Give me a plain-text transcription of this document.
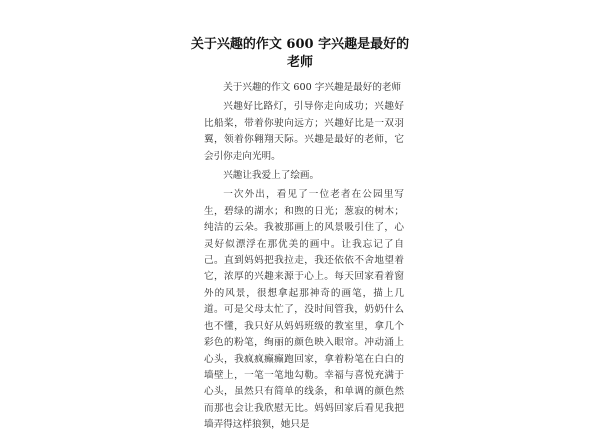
关于兴趣的作文 600 字兴趣是最好的
老师

关于兴趣的作文 600 字兴趣是最好的老师

兴趣好比路灯，引导你走向成功；兴趣好比船桨，带着你驶向远方；兴趣好比是一双羽翼，领着你翱翔天际。兴趣是最好的老师，它会引你走向光明。

兴趣让我爱上了绘画。

一次外出，看见了一位老者在公园里写生，碧绿的湖水；和煦的日光；葱寂的树木；纯洁的云朵。我被那画上的风景吸引住了，心灵好似漂浮在那优美的画中。让我忘记了自己。直到妈妈把我拉走，我还依依不舍地望着它，浓厚的兴趣来源于心上。每天回家看着窗外的风景，很想拿起那神奇的画笔，描上几道。可是父母太忙了，没时间管我，奶奶什么也不懂，我只好从妈妈班级的教室里，拿几个彩色的粉笔，绚丽的颜色映入眼帘。冲动涌上心头，我疯疯癫癫跑回家，拿着粉笔在白白的墙壁上，一笔一笔地勾勒。幸福与喜悦充满于心头，虽然只有简单的线条，和单调的颜色然而那也会让我欣慰无比。妈妈回家后看见我把墙弄得这样狼狈，她只是
